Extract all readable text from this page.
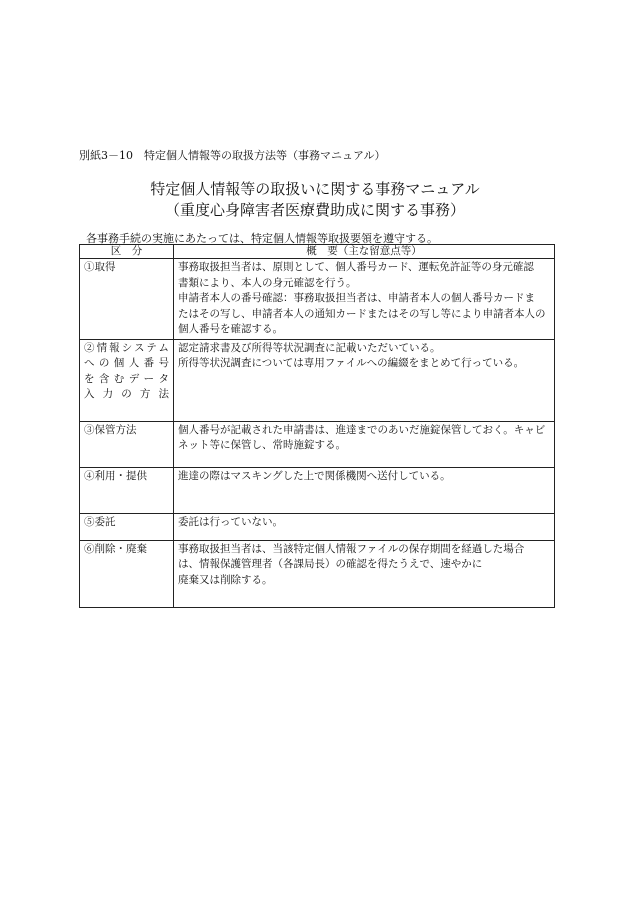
別紙3－10　特定個人情報等の取扱方法等（事務マニュアル）
特定個人情報等の取扱いに関する事務マニュアル
（重度心身障害者医療費助成に関する事務）
各事務手続の実施にあたっては、特定個人情報等取扱要領を遵守する。
区　分	概　要（主な留意点等）

①取得	事務取扱担当者は、原則として、個人番号カード、運転免許証等の身元確認
書類により、本人の身元確認を行う。
申請者本人の番号確認：事務取扱担当者は、申請者本人の個人番号カードま
たはその写し、申請者本人の通知カードまたはその写し等により申請者本人の
個人番号を確認する。

②情報システム
への個人番号
を含むデータ
入力の方法	認定請求書及び所得等状況調査に記載いただいている。
所得等状況調査については専用ファイルへの編綴をまとめて行っている。

③保管方法	個人番号が記載された申請書は、進達までのあいだ施錠保管しておく。キャビ
ネット等に保管し、常時施錠する。

④利用・提供	進達の際はマスキングした上で関係機関へ送付している。

⑤委託	委託は行っていない。

⑥削除・廃棄	事務取扱担当者は、当該特定個人情報ファイルの保存期間を経過した場合
は、情報保護管理者（各課局長）の確認を得たうえで、速やかに
廃棄又は削除する。
